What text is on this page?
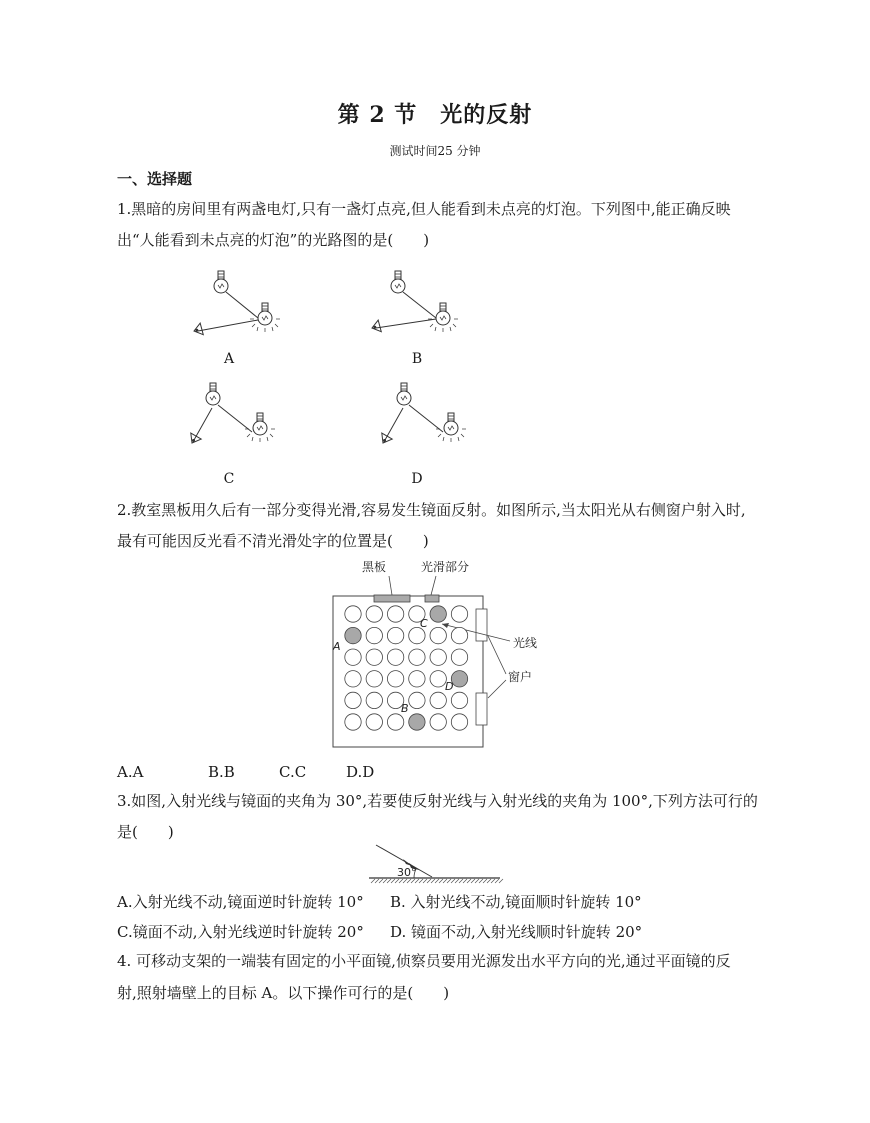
第 2 节　光的反射
测试时间25 分钟
一、选择题
1.黑暗的房间里有两盏电灯,只有一盏灯点亮,但人能看到未点亮的灯泡。下列图中,能正确反映
出“人能看到未点亮的灯泡”的光路图的是(　　)
A	B
C	D
2.教室黑板用久后有一部分变得光滑,容易发生镜面反射。如图所示,当太阳光从右侧窗户射入时,
最有可能因反光看不清光滑处字的位置是(　　)
黑板	光滑部分
光线
窗户
C
A
D
B
A.A	B.B	C.C	D.D
3.如图,入射光线与镜面的夹角为 30°,若要使反射光线与入射光线的夹角为 100°,下列方法可行的
是(　　)
30°
A.入射光线不动,镜面逆时针旋转 10° B. 入射光线不动,镜面顺时针旋转 10°
C.镜面不动,入射光线逆时针旋转 20° D. 镜面不动,入射光线顺时针旋转 20°
4. 可移动支架的一端装有固定的小平面镜,侦察员要用光源发出水平方向的光,通过平面镜的反
射,照射墙壁上的目标 A。以下操作可行的是(　　)
